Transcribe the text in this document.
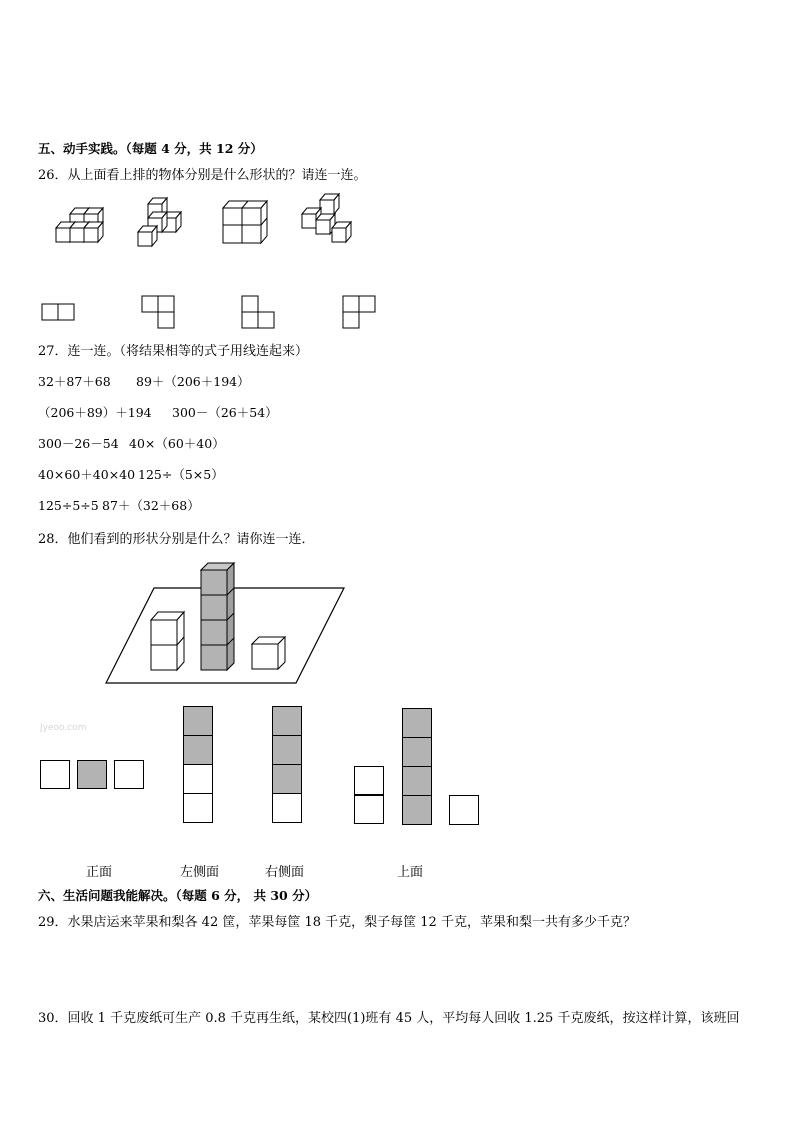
五、动手实践。（每题 4 分，共 12 分）
26．从上面看上排的物体分别是什么形状的？请连一连。
27．连一连。（将结果相等的式子用线连起来）
32＋87＋68 89＋（206＋194）
（206＋89）＋194 300－（26＋54）
300－26－54 40×（60＋40）
40×60＋40×40 125÷（5×5）
125÷5÷5 87＋（32＋68）
28．他们看到的形状分别是什么？请你连一连．
Jyeoo.com
正面	左侧面	右侧面	上面
六、生活问题我能解决。（每题 6 分， 共 30 分）
29．水果店运来苹果和梨各 42 筐，苹果每筐 18 千克，梨子每筐 12 千克，苹果和梨一共有多少千克？
30．回收 1 千克废纸可生产 0.8 千克再生纸，某校四(1)班有 45 人，平均每人回收 1.25 千克废纸，按这样计算，该班回
